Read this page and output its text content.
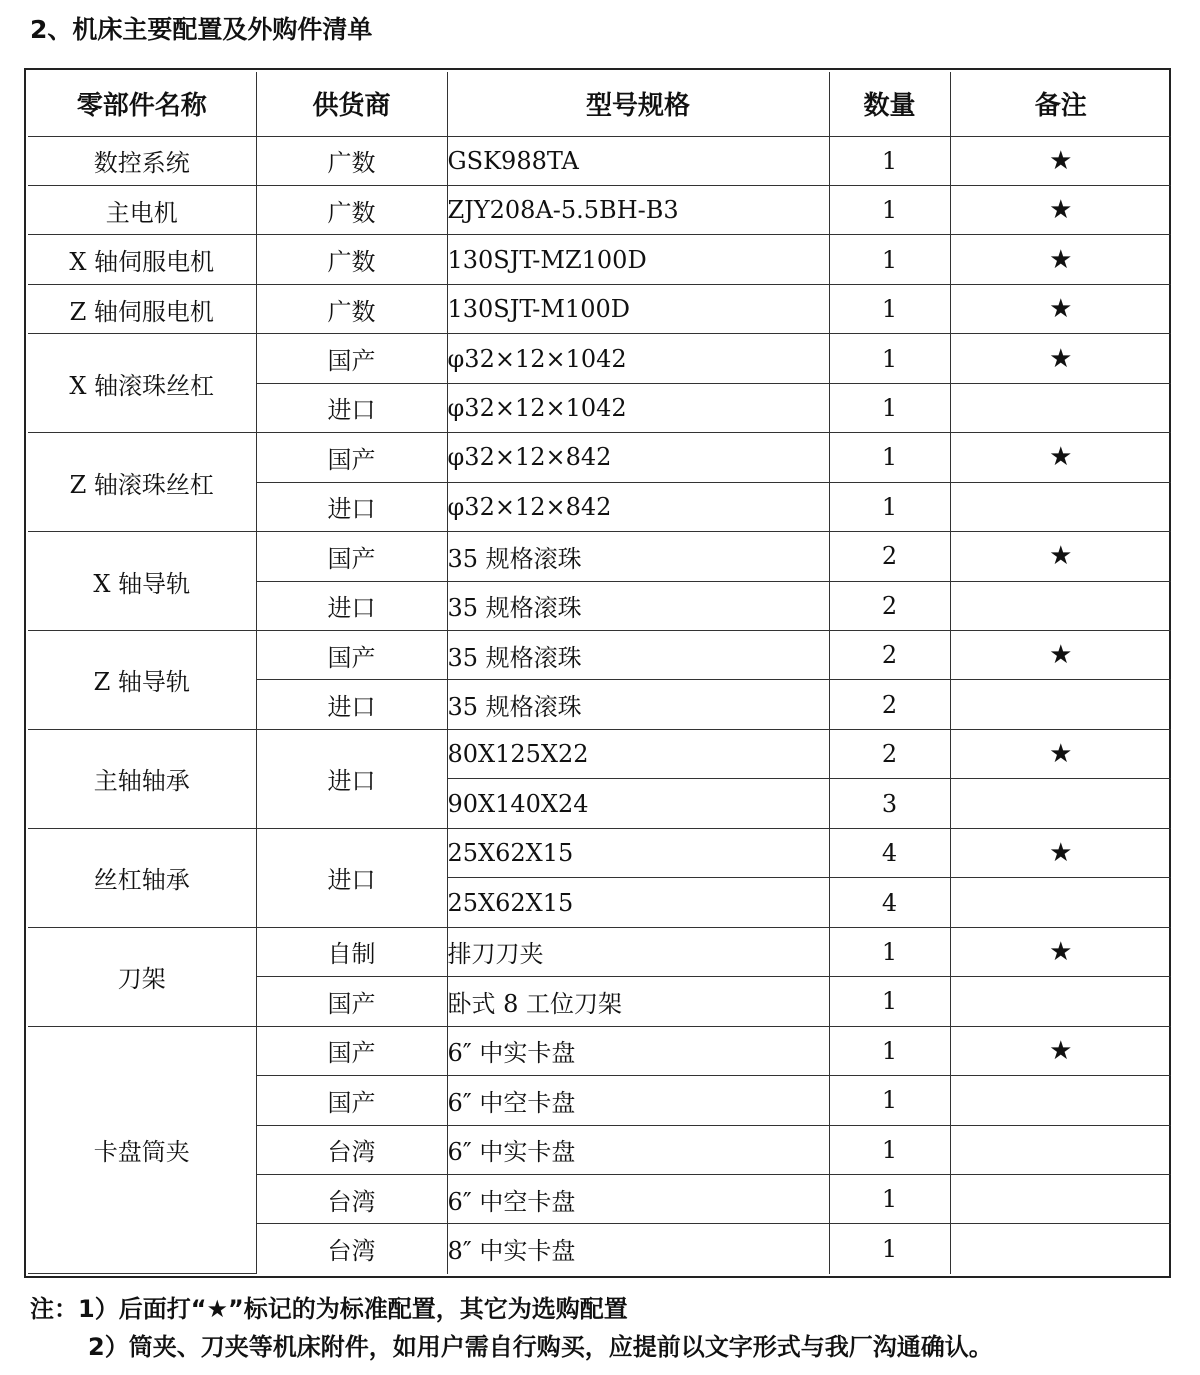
2、机床主要配置及外购件清单
零部件名称	供货商	型号规格	数量	备注
数控系统	广数	GSK988TA	1	★
主电机	广数	ZJY208A-5.5BH-B3	1	★
X 轴伺服电机	广数	130SJT-MZ100D	1	★
Z 轴伺服电机	广数	130SJT-M100D	1	★
X 轴滚珠丝杠	国产	φ32×12×1042	1	★
	进口	φ32×12×1042	1	
Z 轴滚珠丝杠	国产	φ32×12×842	1	★
	进口	φ32×12×842	1	
X 轴导轨	国产	35 规格滚珠	2	★
	进口	35 规格滚珠	2	
Z 轴导轨	国产	35 规格滚珠	2	★
	进口	35 规格滚珠	2	
主轴轴承	进口	80X125X22	2	★
		90X140X24	3	
丝杠轴承	进口	25X62X15	4	★
		25X62X15	4	
刀架	自制	排刀刀夹	1	★
	国产	卧式 8 工位刀架	1	
卡盘筒夹	国产	6″ 中实卡盘	1	★
	国产	6″ 中空卡盘	1	
	台湾	6″ 中实卡盘	1	
	台湾	6″ 中空卡盘	1	
	台湾	8″ 中实卡盘	1	
注：1）后面打“★”标记的为标准配置，其它为选购配置
2）筒夹、刀夹等机床附件，如用户需自行购买，应提前以文字形式与我厂沟通确认。
